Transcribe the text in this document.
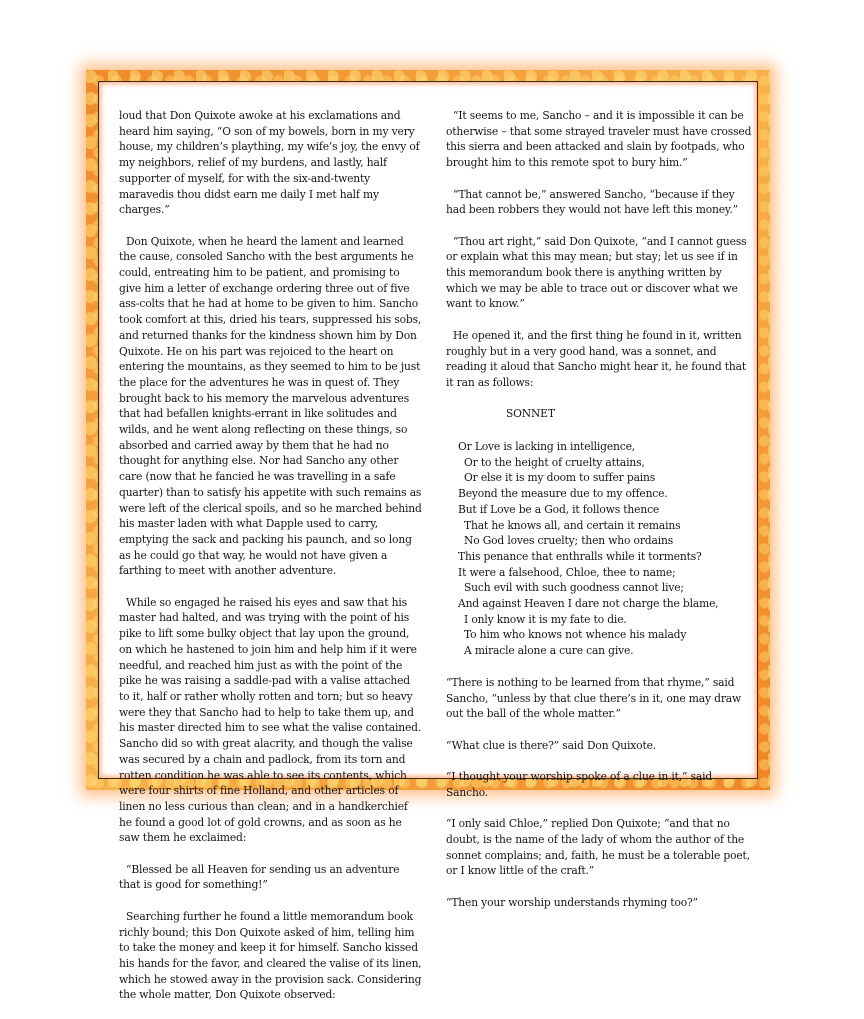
loud that Don Quixote awoke at his exclamations and heard him saying, “O son of my bowels, born in my very house, my children’s plaything, my wife’s joy, the envy of my neighbors, relief of my burdens, and lastly, half supporter of myself, for with the six-and-twenty maravedis thou didst earn me daily I met half my charges.”

Don Quixote, when he heard the lament and learned the cause, consoled Sancho with the best arguments he could, entreating him to be patient, and promising to give him a letter of exchange ordering three out of five ass-colts that he had at home to be given to him. Sancho took comfort at this, dried his tears, suppressed his sobs, and returned thanks for the kindness shown him by Don Quixote. He on his part was rejoiced to the heart on entering the mountains, as they seemed to him to be just the place for the adventures he was in quest of. They brought back to his memory the marvelous adventures that had befallen knights-errant in like solitudes and wilds, and he went along reflecting on these things, so absorbed and carried away by them that he had no thought for anything else. Nor had Sancho any other care (now that he fancied he was travelling in a safe quarter) than to satisfy his appetite with such remains as were left of the clerical spoils, and so he marched behind his master laden with what Dapple used to carry, emptying the sack and packing his paunch, and so long as he could go that way, he would not have given a farthing to meet with another adventure.

While so engaged he raised his eyes and saw that his master had halted, and was trying with the point of his pike to lift some bulky object that lay upon the ground, on which he hastened to join him and help him if it were needful, and reached him just as with the point of the pike he was raising a saddle-pad with a valise attached to it, half or rather wholly rotten and torn; but so heavy were they that Sancho had to help to take them up, and his master directed him to see what the valise contained. Sancho did so with great alacrity, and though the valise was secured by a chain and padlock, from its torn and rotten condition he was able to see its contents, which were four shirts of fine Holland, and other articles of linen no less curious than clean; and in a handkerchief he found a good lot of gold crowns, and as soon as he saw them he exclaimed:

“Blessed be all Heaven for sending us an adventure that is good for something!”

Searching further he found a little memorandum book richly bound; this Don Quixote asked of him, telling him to take the money and keep it for himself. Sancho kissed his hands for the favor, and cleared the valise of its linen, which he stowed away in the provision sack. Considering the whole matter, Don Quixote observed:

“It seems to me, Sancho – and it is impossible it can be otherwise – that some strayed traveler must have crossed this sierra and been attacked and slain by footpads, who brought him to this remote spot to bury him.”

“That cannot be,” answered Sancho, “because if they had been robbers they would not have left this money.”

“Thou art right,” said Don Quixote, “and I cannot guess or explain what this may mean; but stay; let us see if in this memorandum book there is anything written by which we may be able to trace out or discover what we want to know.”

He opened it, and the first thing he found in it, written roughly but in a very good hand, was a sonnet, and reading it aloud that Sancho might hear it, he found that it ran as follows:

SONNET
Or Love is lacking in intelligence,
Or to the height of cruelty attains,
Or else it is my doom to suffer pains
Beyond the measure due to my offence.
But if Love be a God, it follows thence
That he knows all, and certain it remains
No God loves cruelty; then who ordains
This penance that enthralls while it torments?
It were a falsehood, Chloe, thee to name;
Such evil with such goodness cannot live;
And against Heaven I dare not charge the blame,
I only know it is my fate to die.
To him who knows not whence his malady
A miracle alone a cure can give.

“There is nothing to be learned from that rhyme,” said Sancho, “unless by that clue there’s in it, one may draw out the ball of the whole matter.”

“What clue is there?” said Don Quixote.

“I thought your worship spoke of a clue in it,” said Sancho.

“I only said Chloe,” replied Don Quixote; “and that no doubt, is the name of the lady of whom the author of the sonnet complains; and, faith, he must be a tolerable poet, or I know little of the craft.”

“Then your worship understands rhyming too?”
